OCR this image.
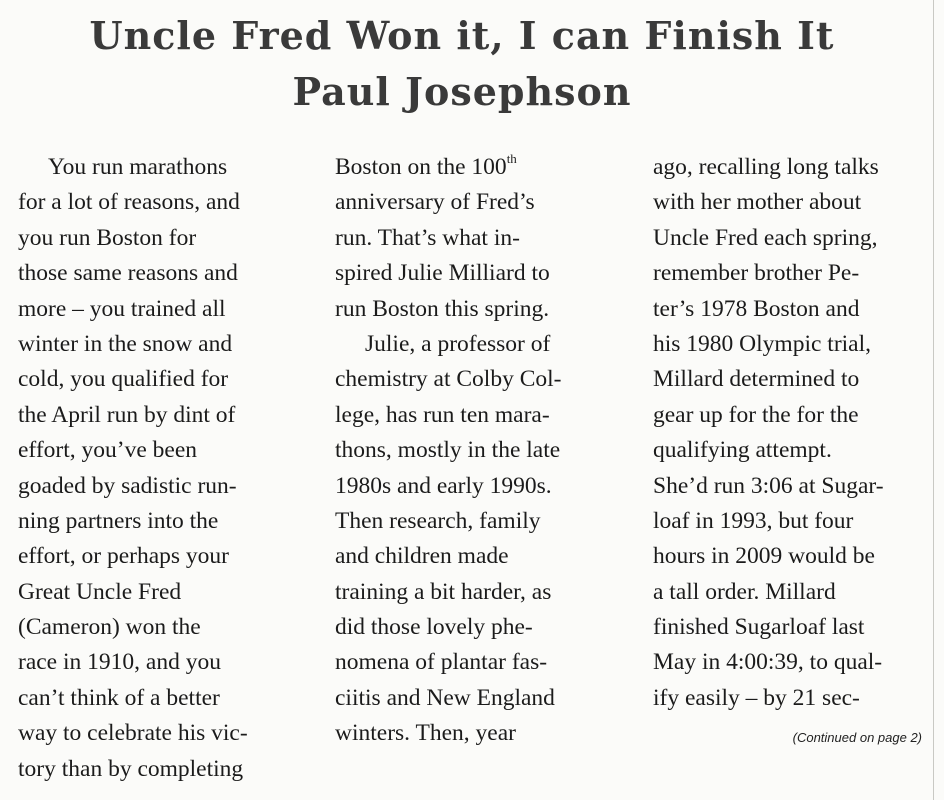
Uncle Fred Won it, I can Finish It
Paul Josephson
You run marathons
for a lot of reasons, and
you run Boston for
those same reasons and
more – you trained all
winter in the snow and
cold, you qualified for
the April run by dint of
effort, you’ve been
goaded by sadistic run-
ning partners into the
effort, or perhaps your
Great Uncle Fred
(Cameron) won the
race in 1910, and you
can’t think of a better
way to celebrate his vic-
tory than by completing
Boston on the 100th
anniversary of Fred’s
run. That’s what in-
spired Julie Milliard to
run Boston this spring.
Julie, a professor of
chemistry at Colby Col-
lege, has run ten mara-
thons, mostly in the late
1980s and early 1990s.
Then research, family
and children made
training a bit harder, as
did those lovely phe-
nomena of plantar fas-
ciitis and New England
winters. Then, year
ago, recalling long talks
with her mother about
Uncle Fred each spring,
remember brother Pe-
ter’s 1978 Boston and
his 1980 Olympic trial,
Millard determined to
gear up for the for the
qualifying attempt.
She’d run 3:06 at Sugar-
loaf in 1993, but four
hours in 2009 would be
a tall order. Millard
finished Sugarloaf last
May in 4:00:39, to qual-
ify easily – by 21 sec-
(Continued on page 2)
